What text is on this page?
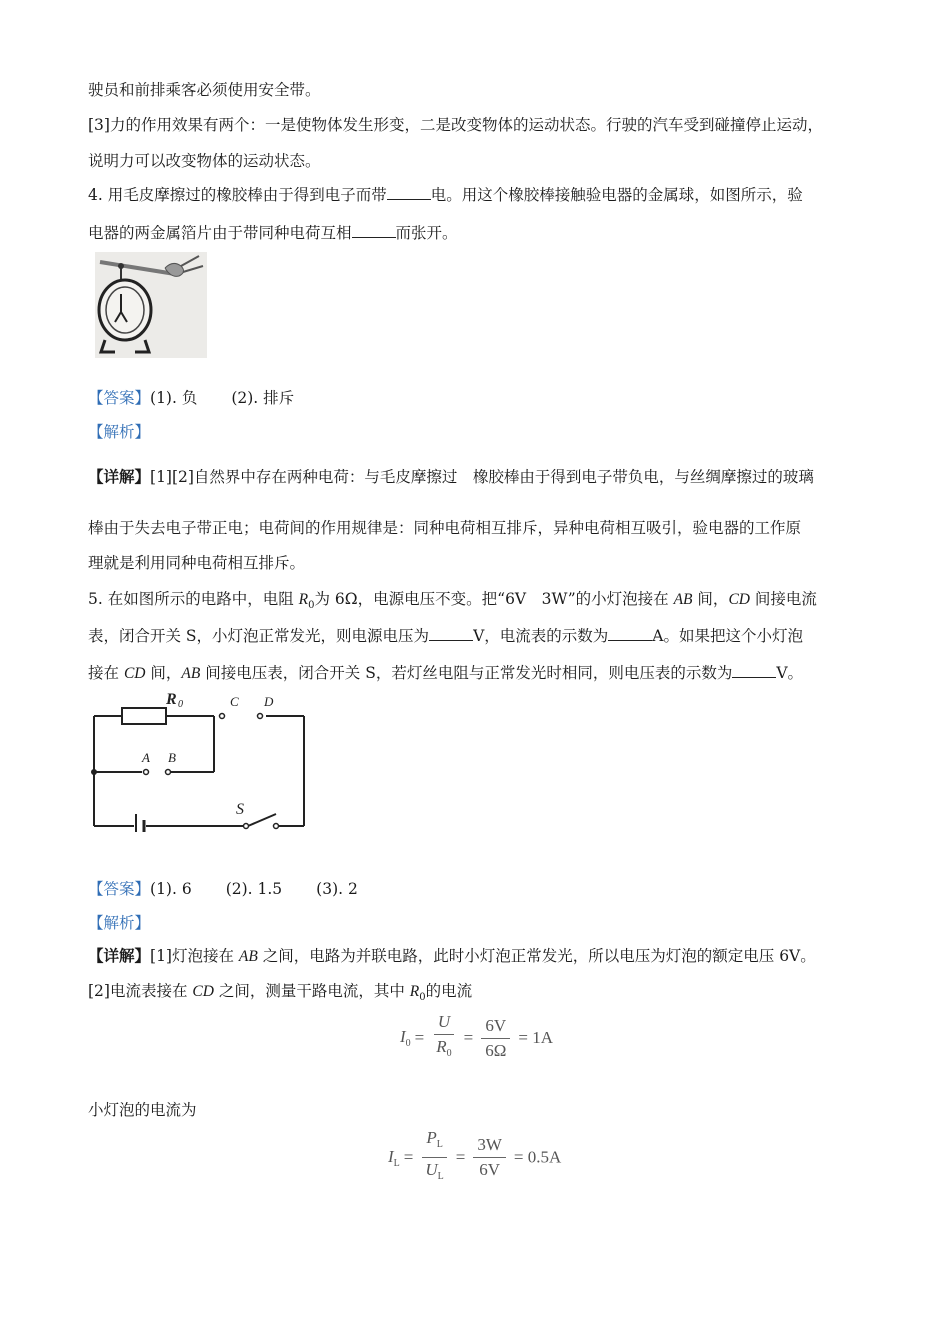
驶员和前排乘客必须使用安全带。
[3]力的作用效果有两个：一是使物体发生形变，二是改变物体的运动状态。行驶的汽车受到碰撞停止运动，
说明力可以改变物体的运动状态。
4. 用毛皮摩擦过的橡胶棒由于得到电子而带	电。用这个橡胶棒接触验电器的金属球，如图所示，验
电器的两金属箔片由于带同种电荷互相	而张开。
【答案】(1). 负 (2). 排斥
【解析】
【详解】[1][2]自然界中存在两种电荷：与毛皮摩擦过　橡胶棒由于得到电子带负电，与丝绸摩擦过的玻璃
棒由于失去电子带正电；电荷间的作用规律是：同种电荷相互排斥，异种电荷相互吸引，验电器的工作原
理就是利用同种电荷相互排斥。
5. 在如图所示的电路中，电阻 $R_0$为 6Ω，电源电压不变。把“6V　3W”的小灯泡接在 AB 间，CD 间接电流
表，闭合开关 S，小灯泡正常发光，则电源电压为	V，电流表的示数为	A。如果把这个小灯泡
接在 CD 间，AB 间接电压表，闭合开关 S，若灯丝电阻与正常发光时相同，则电压表的示数为	V。
R 0	C D
A B
S
【答案】(1). 6 (2). 1.5 (3). 2
【解析】
【详解】[1]灯泡接在 AB 之间，电路为并联电路，此时小灯泡正常发光，所以电压为灯泡的额定电压 6V。
[2]电流表接在 CD 之间，测量干路电流，其中 $R_0$的电流
$I_0 = \frac{U}{R_0} = \frac{6V}{6\Omega} = 1A$
小灯泡的电流为
$I_L = \frac{P_L}{U_L} = \frac{3W}{6V} = 0.5A$
